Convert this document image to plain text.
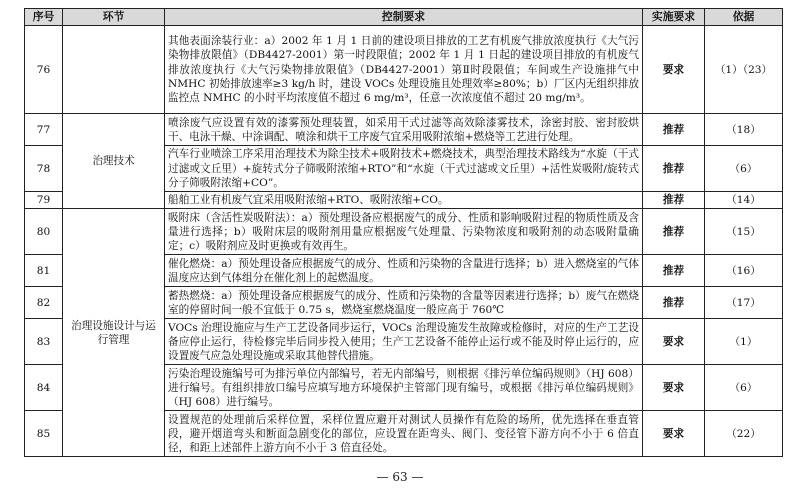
序号	环节	控制要求	实施要求	依据
76		其他表面涂装行业：a）2002 年 1 月 1 日前的建设项目排放的工艺有机废气排放浓度执行《大气污染物排放限值》（DB4427-2001）第一时段限值；2002 年 1 月 1 日起的建设项目排放的有机废气排放浓度执行《大气污染物排放限值》（DB4427-2001）第Ⅱ时段限值；车间或生产设施排气中 NMHC 初始排放速率≥3 kg/h 时，建设 VOCs 处理设施且处理效率≥80%；b）厂区内无组织排放监控点 NMHC 的小时平均浓度值不超过 6 mg/m³，任意一次浓度值不超过 20 mg/m³。	要求	（1）（23）
77	治理技术	喷涂废气应设置有效的漆雾预处理装置，如采用干式过滤等高效除漆雾技术，涂密封胶、密封胶烘干、电泳干燥、中涂调配、喷涂和烘干工序废气宜采用吸附浓缩+燃烧等工艺进行处理。	推荐	（18）
78		汽车行业喷涂工序采用治理技术为除尘技术+吸附技术+燃烧技术，典型治理技术路线为“水旋（干式过滤或文丘里）+旋转式分子筛吸附浓缩+RTO”和“水旋（干式过滤或文丘里）+活性炭吸附/旋转式分子筛吸附浓缩+CO”。	推荐	（6）
79		船舶工业有机废气宜采用吸附浓缩+RTO、吸附浓缩+CO。	推荐	（14）
80	治理设施设计与运行管理	吸附床（含活性炭吸附法）：a）预处理设备应根据废气的成分、性质和影响吸附过程的物质性质及含量进行选择；b）吸附床层的吸附剂用量应根据废气处理量、污染物浓度和吸附剂的动态吸附量确定；c）吸附剂应及时更换或有效再生。	推荐	（15）
81		催化燃烧：a）预处理设备应根据废气的成分、性质和污染物的含量进行选择；b）进入燃烧室的气体温度应达到气体组分在催化剂上的起燃温度。	推荐	（16）
82		蓄热燃烧：a）预处理设备应根据废气的成分、性质和污染物的含量等因素进行选择；b）废气在燃烧室的停留时间一般不宜低于 0.75 s，燃烧室燃烧温度一般应高于 760℃	推荐	（17）
83		VOCs 治理设施应与生产工艺设备同步运行，VOCs 治理设施发生故障或检修时，对应的生产工艺设备应停止运行，待检修完毕后同步投入使用；生产工艺设备不能停止运行或不能及时停止运行的，应设置废气应急处理设施或采取其他替代措施。	要求	（1）
84		污染治理设施编号可为排污单位内部编号，若无内部编号，则根据《排污单位编码规则》（HJ 608）进行编号。有组织排放口编号应填写地方环境保护主管部门现有编号，或根据《排污单位编码规则》（HJ 608）进行编号。	要求	（6）
85		设置规范的处理前后采样位置，采样位置应避开对测试人员操作有危险的场所，优先选择在垂直管段，避开烟道弯头和断面急剧变化的部位，应设置在距弯头、阀门、变径管下游方向不小于 6 倍直径，和距上述部件上游方向不小于 3 倍直径处。	要求	（22）
— 63 —
